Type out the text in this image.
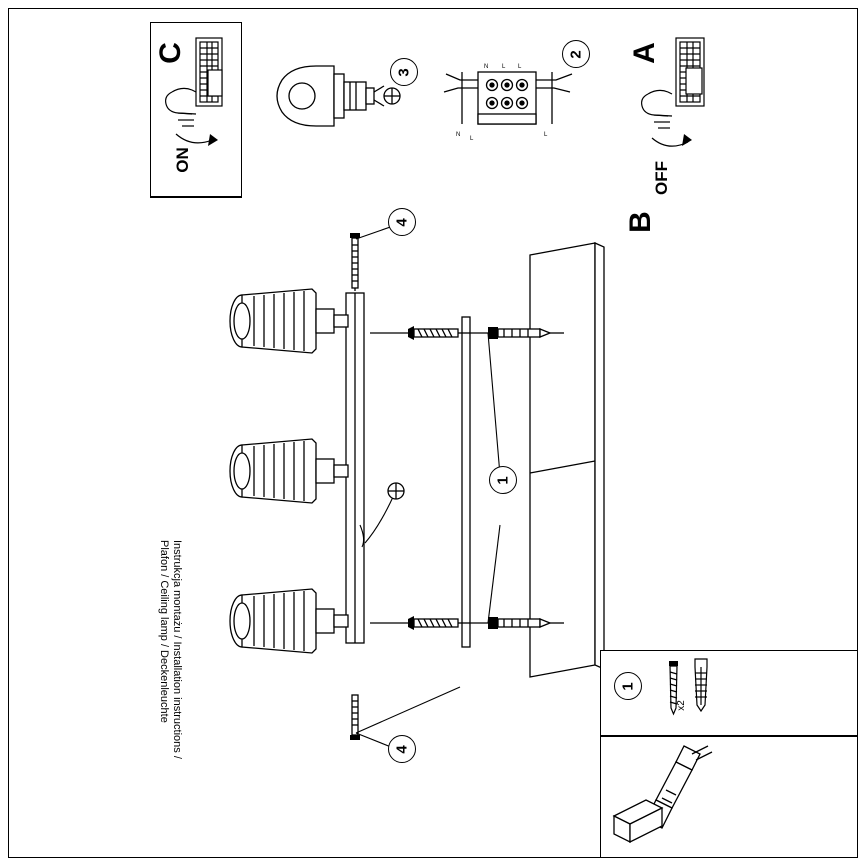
C
ON
3
2
N L L
N
L
L
A
OFF
B
4
4
1
Instrukcja montażu / Installation instructions /
Plafon / Ceiling lamp / Deckenleuchte	1
x2
